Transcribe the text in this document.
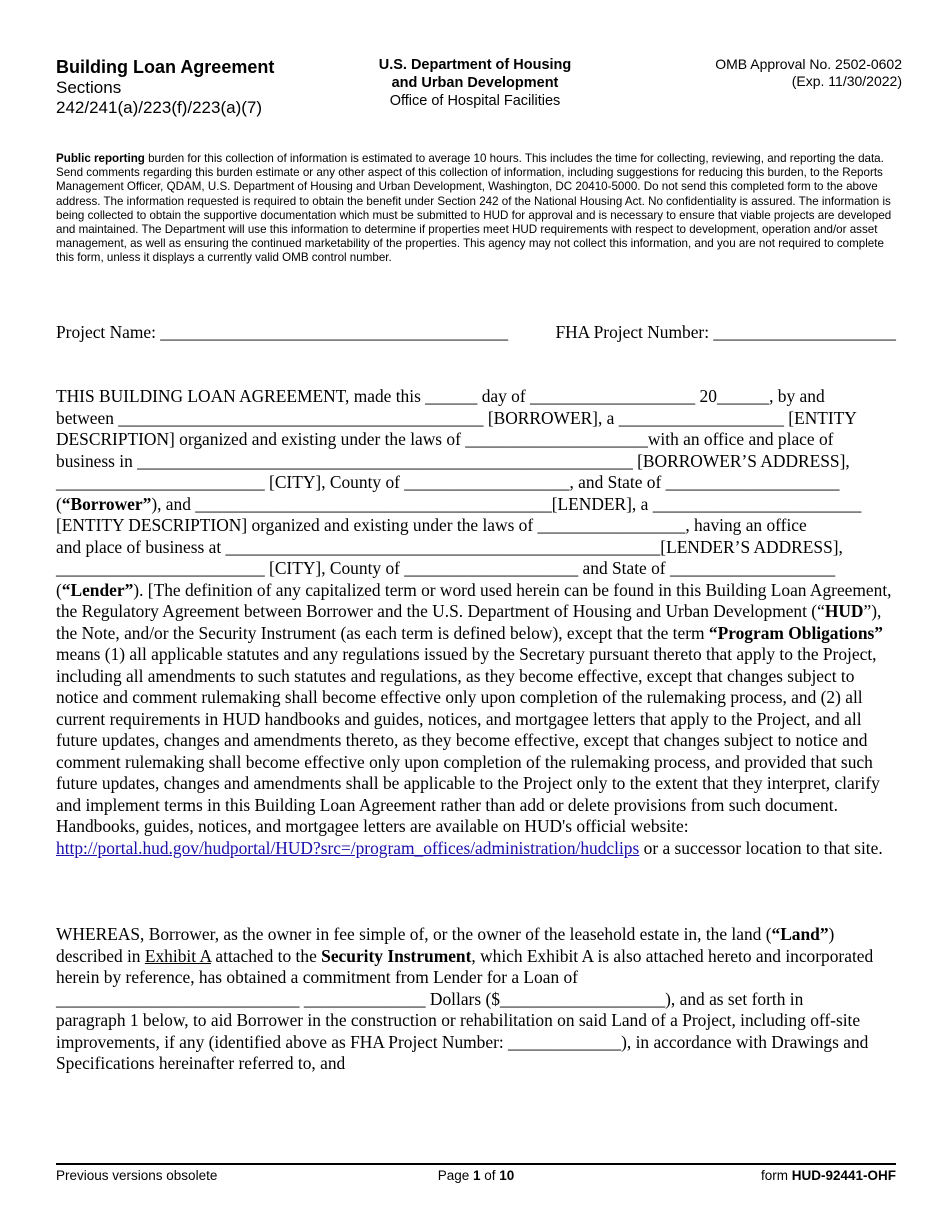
Building Loan Agreement
Sections
242/241(a)/223(f)/223(a)(7)
U.S. Department of Housing
and Urban Development
Office of Hospital Facilities
OMB Approval No. 2502-0602
(Exp. 11/30/2022)
Public reporting burden for this collection of information is estimated to average 10 hours. This includes the time for collecting, reviewing, and reporting the data. Send comments regarding this burden estimate or any other aspect of this collection of information, including suggestions for reducing this burden, to the Reports Management Officer, QDAM, U.S. Department of Housing and Urban Development, Washington, DC 20410-5000. Do not send this completed form to the above address. The information requested is required to obtain the benefit under Section 242 of the National Housing Act. No confidentiality is assured. The information is being collected to obtain the supportive documentation which must be submitted to HUD for approval and is necessary to ensure that viable projects are developed and maintained. The Department will use this information to determine if properties meet HUD requirements with respect to development, operation and/or asset management, as well as ensuring the continued marketability of the properties. This agency may not collect this information, and you are not required to complete this form, unless it displays a currently valid OMB control number.
Project Name: ________________________________________	FHA Project Number: _____________________
THIS BUILDING LOAN AGREEMENT, made this ______ day of ___________________ 20______, by and
between __________________________________________ [BORROWER], a ___________________ [ENTITY
DESCRIPTION] organized and existing under the laws of _____________________with an office and place of
business in _________________________________________________________ [BORROWER’S ADDRESS],
________________________ [CITY], County of ___________________, and State of ____________________
(“Borrower”), and _________________________________________[LENDER], a ________________________
[ENTITY DESCRIPTION] organized and existing under the laws of _________________, having an office
and place of business at __________________________________________________[LENDER’S ADDRESS],
________________________ [CITY], County of ____________________ and State of ___________________
(“Lender”). [The definition of any capitalized term or word used herein can be found in this Building Loan Agreement, the Regulatory Agreement between Borrower and the U.S. Department of Housing and Urban Development (“HUD”), the Note, and/or the Security Instrument (as each term is defined below), except that the term “Program Obligations” means (1) all applicable statutes and any regulations issued by the Secretary pursuant thereto that apply to the Project, including all amendments to such statutes and regulations, as they become effective, except that changes subject to notice and comment rulemaking shall become effective only upon completion of the rulemaking process, and (2) all current requirements in HUD handbooks and guides, notices, and mortgagee letters that apply to the Project, and all future updates, changes and amendments thereto, as they become effective, except that changes subject to notice and comment rulemaking shall become effective only upon completion of the rulemaking process, and provided that such future updates, changes and amendments shall be applicable to the Project only to the extent that they interpret, clarify and implement terms in this Building Loan Agreement rather than add or delete provisions from such document. Handbooks, guides, notices, and mortgagee letters are available on HUD's official website: http://portal.hud.gov/hudportal/HUD?src=/program_offices/administration/hudclips or a successor location to that site.
WHEREAS, Borrower, as the owner in fee simple of, or the owner of the leasehold estate in, the land (“Land”) described in Exhibit A attached to the Security Instrument, which Exhibit A is also attached hereto and incorporated herein by reference, has obtained a commitment from Lender for a Loan of
____________________________ ______________ Dollars ($___________________), and as set forth in
paragraph 1 below, to aid Borrower in the construction or rehabilitation on said Land of a Project, including off-site improvements, if any (identified above as FHA Project Number: _____________), in accordance with Drawings and Specifications hereinafter referred to, and
Previous versions obsolete	Page 1 of 10	form HUD-92441-OHF
